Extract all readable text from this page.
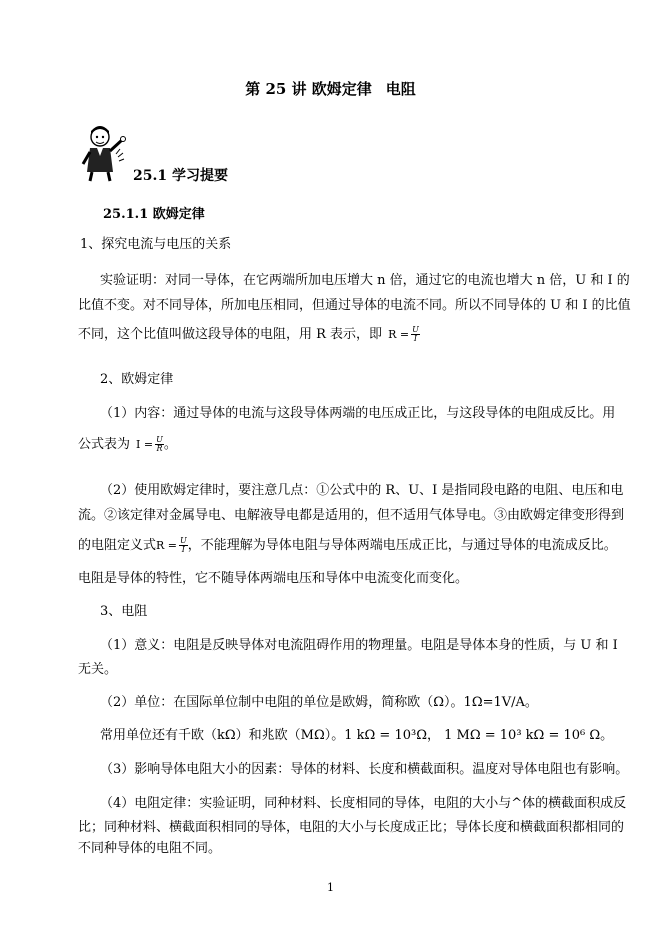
第 25 讲 欧姆定律 电阻
25.1 学习提要
25.1.1 欧姆定律
1、探究电流与电压的关系
实验证明：对同一导体，在它两端所加电压增大 n 倍，通过它的电流也增大 n 倍，U 和 I 的
比值不变。对不同导体，所加电压相同，但通过导体的电流不同。所以不同导体的 U 和 I 的比值
不同，这个比值叫做这段导体的电阻，用 R 表示，即 $R = \frac{U}{I}$
2、欧姆定律
（1）内容：通过导体的电流与这段导体两端的电压成正比，与这段导体的电阻成反比。用
公式表为 $I = \frac{U}{R}$ 。
（2）使用欧姆定律时，要注意几点：①公式中的 R、U、I 是指同段电路的电阻、电压和电
流。②该定律对金属导电、电解液导电都是适用的，但不适用气体导电。③由欧姆定律变形得到
的电阻定义式$R = \frac{U}{I}$ ，不能理解为导体电阻与导体两端电压成正比，与通过导体的电流成反比。
电阻是导体的特性，它不随导体两端电压和导体中电流变化而变化。
3、电阻
（1）意义：电阻是反映导体对电流阻碍作用的物理量。电阻是导体本身的性质，与 U 和 I
无关。
（2）单位：在国际单位制中电阻的单位是欧姆，简称欧（Ω）。1Ω=1V/A。
常用单位还有千欧（kΩ）和兆欧（MΩ）。1 kΩ = 10³Ω， 1 MΩ = 10³ kΩ = 10⁶ Ω。
（3）影响导体电阻大小的因素：导体的材料、长度和横截面积。温度对导体电阻也有影响。
（4）电阻定律：实验证明，同种材料、长度相同的导体，电阻的大小与^体的横截面积成反
比；同种材料、横截面积相同的导体，电阻的大小与长度成正比；导体长度和横截面积都相同的
不同种导体的电阻不同。
1
